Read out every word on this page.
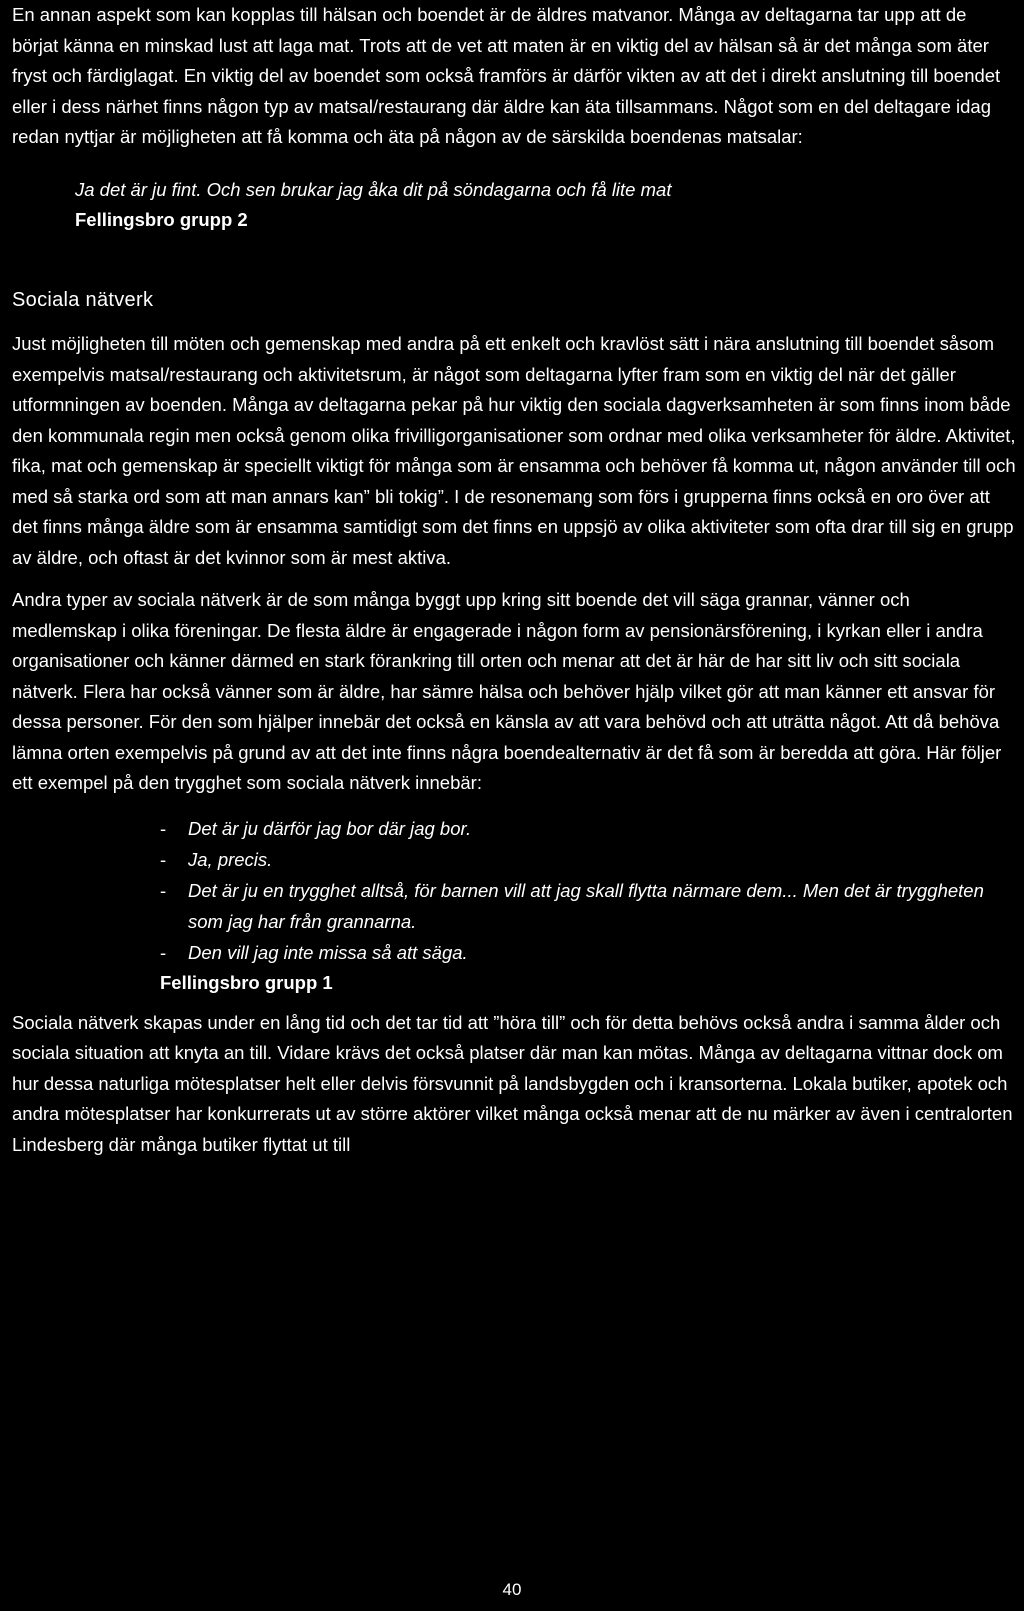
En annan aspekt som kan kopplas till hälsan och boendet är de äldres matvanor. Många av deltagarna tar upp att de börjat känna en minskad lust att laga mat. Trots att de vet att maten är en viktig del av hälsan så är det många som äter fryst och färdiglagat. En viktig del av boendet som också framförs är därför vikten av att det i direkt anslutning till boendet eller i dess närhet finns någon typ av matsal/restaurang där äldre kan äta tillsammans. Något som en del deltagare idag redan nyttjar är möjligheten att få komma och äta på någon av de särskilda boendenas matsalar:

Ja det är ju fint. Och sen brukar jag åka dit på söndagarna och få lite mat
Fellingsbro grupp 2
Sociala nätverk

Just möjligheten till möten och gemenskap med andra på ett enkelt och kravlöst sätt i nära anslutning till boendet såsom exempelvis matsal/restaurang och aktivitetsrum, är något som deltagarna lyfter fram som en viktig del när det gäller utformningen av boenden. Många av deltagarna pekar på hur viktig den sociala dagverksamheten är som finns inom både den kommunala regin men också genom olika frivilligorganisationer som ordnar med olika verksamheter för äldre. Aktivitet, fika, mat och gemenskap är speciellt viktigt för många som är ensamma och behöver få komma ut, någon använder till och med så starka ord som att man annars kan” bli tokig”. I de resonemang som förs i grupperna finns också en oro över att det finns många äldre som är ensamma samtidigt som det finns en uppsjö av olika aktiviteter som ofta drar till sig en grupp av äldre, och oftast är det kvinnor som är mest aktiva.

Andra typer av sociala nätverk är de som många byggt upp kring sitt boende det vill säga grannar, vänner och medlemskap i olika föreningar. De flesta äldre är engagerade i någon form av pensionärsförening, i kyrkan eller i andra organisationer och känner därmed en stark förankring till orten och menar att det är här de har sitt liv och sitt sociala nätverk. Flera har också vänner som är äldre, har sämre hälsa och behöver hjälp vilket gör att man känner ett ansvar för dessa personer. För den som hjälper innebär det också en känsla av att vara behövd och att uträtta något. Att då behöva lämna orten exempelvis på grund av att det inte finns några boendealternativ är det få som är beredda att göra. Här följer ett exempel på den trygghet som sociala nätverk innebär:

- Det är ju därför jag bor där jag bor.
- Ja, precis.
- Det är ju en trygghet alltså, för barnen vill att jag skall flytta närmare dem... Men det är tryggheten som jag har från grannarna.
- Den vill jag inte missa så att säga.
Fellingsbro grupp 1

Sociala nätverk skapas under en lång tid och det tar tid att ”höra till” och för detta behövs också andra i samma ålder och sociala situation att knyta an till. Vidare krävs det också platser där man kan mötas. Många av deltagarna vittnar dock om hur dessa naturliga mötesplatser helt eller delvis försvunnit på landsbygden och i kransorterna. Lokala butiker, apotek och andra mötesplatser har konkurrerats ut av större aktörer vilket många också menar att de nu märker av även i centralorten Lindesberg där många butiker flyttat ut till

40
